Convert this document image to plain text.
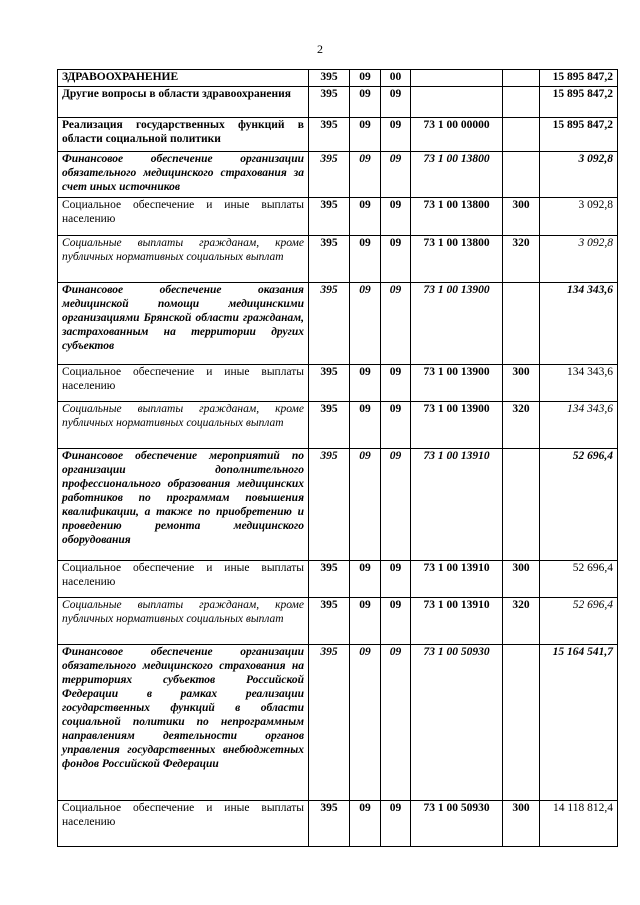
2
ЗДРАВООХРАНЕНИЕ	395	09	00			15 895 847,2
Другие вопросы в области здравоохранения	395	09	09			15 895 847,2
Реализация государственных функций в области социальной политики	395	09	09	73 1 00 00000		15 895 847,2
Финансовое обеспечение организации обязательного медицинского страхования за счет иных источников	395	09	09	73 1 00 13800		3 092,8
Социальное обеспечение и иные выплаты населению	395	09	09	73 1 00 13800	300	3 092,8
Социальные выплаты гражданам, кроме публичных нормативных социальных выплат	395	09	09	73 1 00 13800	320	3 092,8
Финансовое обеспечение оказания медицинской помощи медицинскими организациями Брянской области гражданам, застрахованным на территории других субъектов	395	09	09	73 1 00 13900		134 343,6
Социальное обеспечение и иные выплаты населению	395	09	09	73 1 00 13900	300	134 343,6
Социальные выплаты гражданам, кроме публичных нормативных социальных выплат	395	09	09	73 1 00 13900	320	134 343,6
Финансовое обеспечение мероприятий по организации дополнительного профессионального образования медицинских работников по программам повышения квалификации, а также по приобретению и проведению ремонта медицинского оборудования	395	09	09	73 1 00 13910		52 696,4
Социальное обеспечение и иные выплаты населению	395	09	09	73 1 00 13910	300	52 696,4
Социальные выплаты гражданам, кроме публичных нормативных социальных выплат	395	09	09	73 1 00 13910	320	52 696,4
Финансовое обеспечение организации обязательного медицинского страхования на территориях субъектов Российской Федерации в рамках реализации государственных функций в области социальной политики по непрограммным направлениям деятельности органов управления государственных внебюджетных фондов Российской Федерации	395	09	09	73 1 00 50930		15 164 541,7
Социальное обеспечение и иные выплаты населению	395	09	09	73 1 00 50930	300	14 118 812,4
